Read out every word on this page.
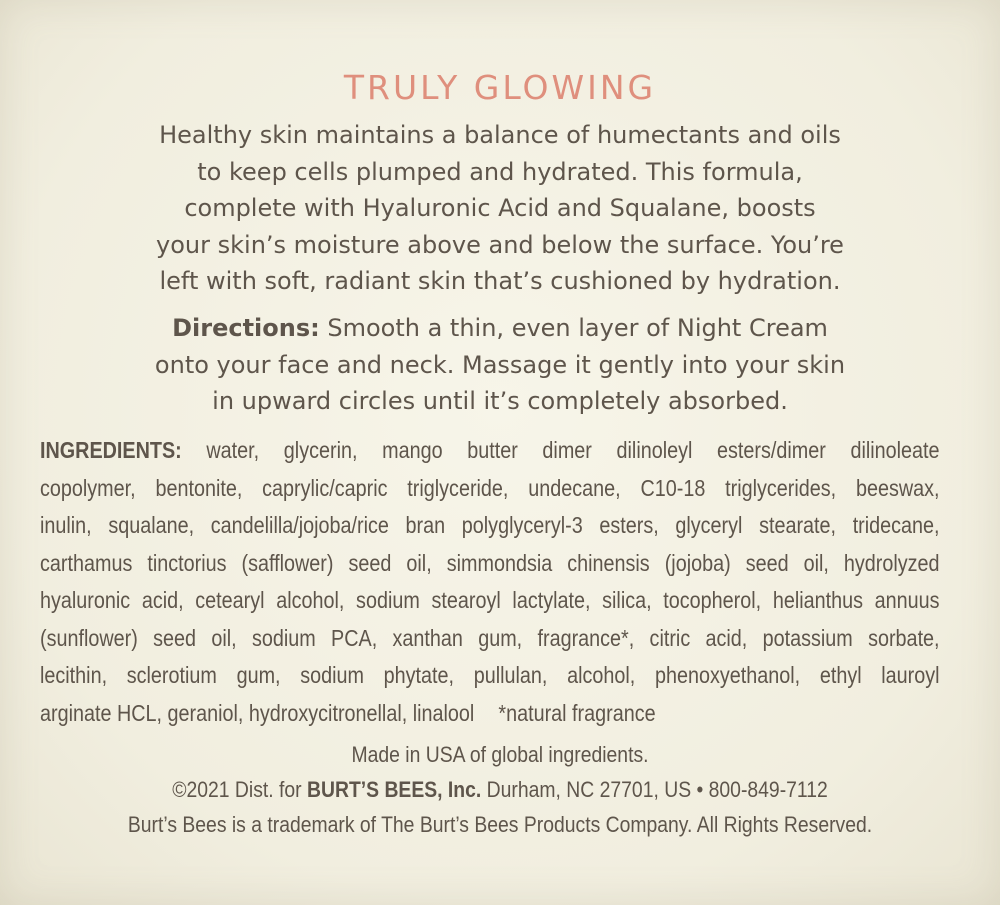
TRULY GLOWING

Healthy skin maintains a balance of humectants and oils
to keep cells plumped and hydrated. This formula,
complete with Hyaluronic Acid and Squalane, boosts
your skin’s moisture above and below the surface. You’re
left with soft, radiant skin that’s cushioned by hydration.

Directions: Smooth a thin, even layer of Night Cream
onto your face and neck. Massage it gently into your skin
in upward circles until it’s completely absorbed.

INGREDIENTS: water, glycerin, mango butter dimer dilinoleyl esters/dimer dilinoleate
copolymer, bentonite, caprylic/capric triglyceride, undecane, C10-18 triglycerides, beeswax,
inulin, squalane, candelilla/jojoba/rice bran polyglyceryl-3 esters, glyceryl stearate, tridecane,
carthamus tinctorius (safflower) seed oil, simmondsia chinensis (jojoba) seed oil, hydrolyzed
hyaluronic acid, cetearyl alcohol, sodium stearoyl lactylate, silica, tocopherol, helianthus annuus
(sunflower) seed oil, sodium PCA, xanthan gum, fragrance*, citric acid, potassium sorbate,
lecithin, sclerotium gum, sodium phytate, pullulan, alcohol, phenoxyethanol, ethyl lauroyl
arginate HCL, geraniol, hydroxycitronellal, linalool *natural fragrance

Made in USA of global ingredients.
©2021 Dist. for BURT’S BEES, Inc. Durham, NC 27701, US • 800-849-7112
Burt’s Bees is a trademark of The Burt’s Bees Products Company. All Rights Reserved.
